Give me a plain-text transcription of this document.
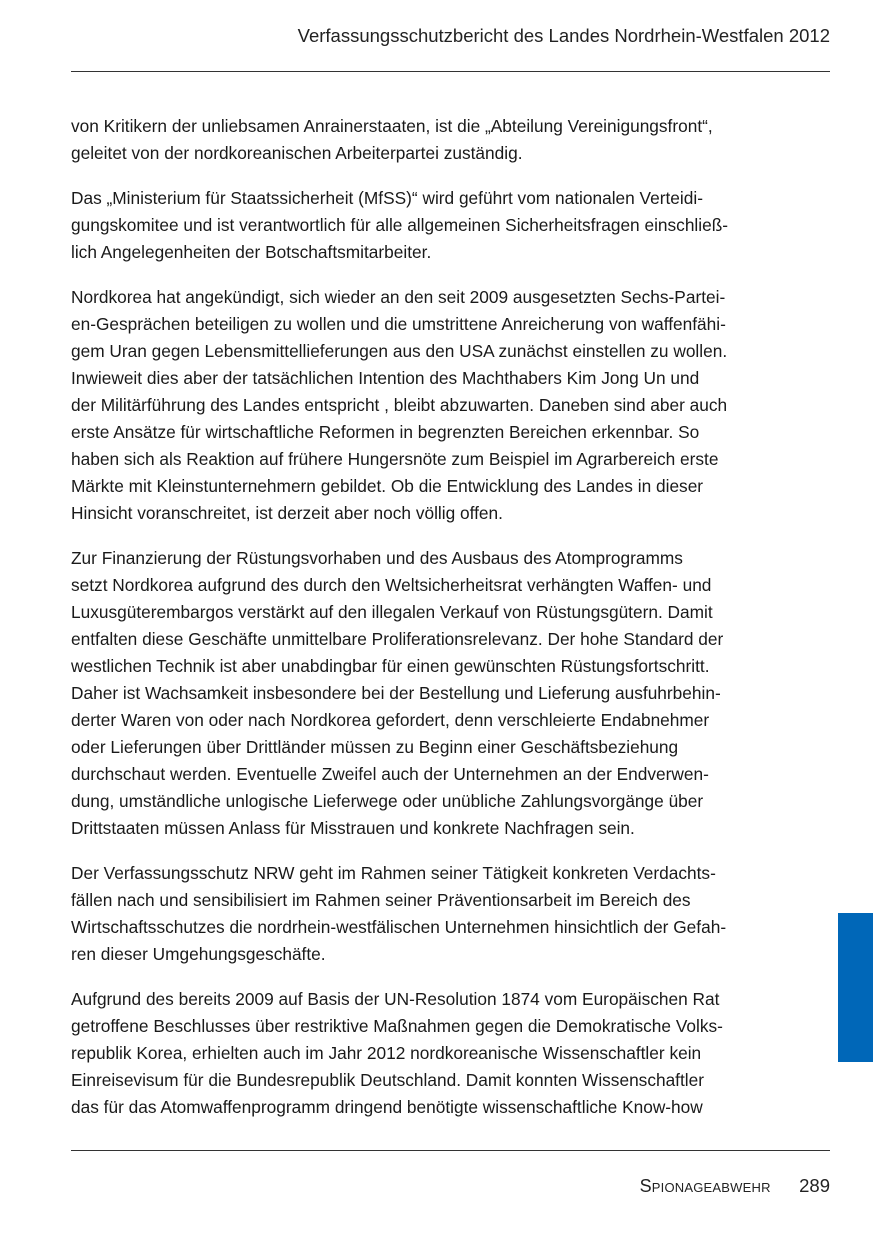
Verfassungsschutzbericht des Landes Nordrhein-Westfalen 2012

von Kritikern der unliebsamen Anrainerstaaten, ist die „Abteilung Vereinigungsfront“,
geleitet von der nordkoreanischen Arbeiterpartei zuständig.

Das „Ministerium für Staatssicherheit (MfSS)“ wird geführt vom nationalen Verteidi-
gungskomitee und ist verantwortlich für alle allgemeinen Sicherheitsfragen einschließ-
lich Angelegenheiten der Botschaftsmitarbeiter.

Nordkorea hat angekündigt, sich wieder an den seit 2009 ausgesetzten Sechs-Partei-
en-Gesprächen beteiligen zu wollen und die umstrittene Anreicherung von waffenfähi-
gem Uran gegen Lebensmittellieferungen aus den USA zunächst einstellen zu wollen.
Inwieweit dies aber der tatsächlichen Intention des Machthabers Kim Jong Un und
der Militärführung des Landes entspricht , bleibt abzuwarten. Daneben sind aber auch
erste Ansätze für wirtschaftliche Reformen in begrenzten Bereichen erkennbar. So
haben sich als Reaktion auf frühere Hungersnöte zum Beispiel im Agrarbereich erste
Märkte mit Kleinstunternehmern gebildet. Ob die Entwicklung des Landes in dieser
Hinsicht voranschreitet, ist derzeit aber noch völlig offen.

Zur Finanzierung der Rüstungsvorhaben und des Ausbaus des Atomprogramms
setzt Nordkorea aufgrund des durch den Weltsicherheitsrat verhängten Waffen- und
Luxusgüterembargos verstärkt auf den illegalen Verkauf von Rüstungsgütern. Damit
entfalten diese Geschäfte unmittelbare Proliferationsrelevanz. Der hohe Standard der
westlichen Technik ist aber unabdingbar für einen gewünschten Rüstungsfortschritt.
Daher ist Wachsamkeit insbesondere bei der Bestellung und Lieferung ausfuhrbehin-
derter Waren von oder nach Nordkorea gefordert, denn verschleierte Endabnehmer
oder Lieferungen über Drittländer müssen zu Beginn einer Geschäftsbeziehung
durchschaut werden. Eventuelle Zweifel auch der Unternehmen an der Endverwen-
dung, umständliche unlogische Lieferwege oder unübliche Zahlungsvorgänge über
Drittstaaten müssen Anlass für Misstrauen und konkrete Nachfragen sein.

Der Verfassungsschutz NRW geht im Rahmen seiner Tätigkeit konkreten Verdachts-
fällen nach und sensibilisiert im Rahmen seiner Präventionsarbeit im Bereich des
Wirtschaftsschutzes die nordrhein-westfälischen Unternehmen hinsichtlich der Gefah-
ren dieser Umgehungsgeschäfte.

Aufgrund des bereits 2009 auf Basis der UN-Resolution 1874 vom Europäischen Rat
getroffene Beschlusses über restriktive Maßnahmen gegen die Demokratische Volks-
republik Korea, erhielten auch im Jahr 2012 nordkoreanische Wissenschaftler kein
Einreisevisum für die Bundesrepublik Deutschland. Damit konnten Wissenschaftler
das für das Atomwaffenprogramm dringend benötigte wissenschaftliche Know-how

Spionageabwehr 289
